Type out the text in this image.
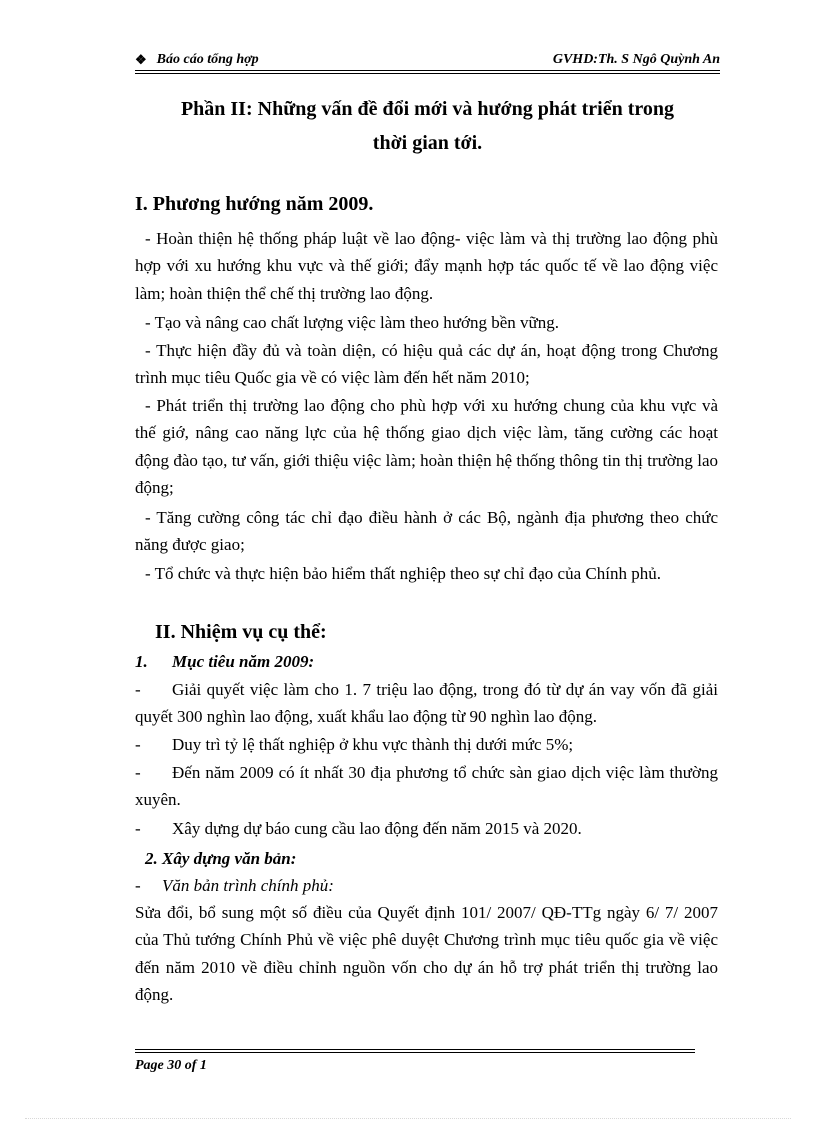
❖ Báo cáo tổng hợp	GVHD:Th. S Ngô Quỳnh An
Phần II: Những vấn đề đổi mới và hướng phát triển trong
thời gian tới.
I. Phương hướng năm 2009.
- Hoàn thiện hệ thống pháp luật về lao động- việc làm và thị trường lao động phù hợp với xu hướng khu vực và thế giới; đẩy mạnh hợp tác quốc tế về lao động việc làm; hoàn thiện thể chế thị trường lao động.
- Tạo và nâng cao chất lượng việc làm theo hướng bền vững.
- Thực hiện đầy đủ và toàn diện, có hiệu quả các dự án, hoạt động trong Chương trình mục tiêu Quốc gia về có việc làm đến hết năm 2010;
- Phát triển thị trường lao động cho phù hợp với xu hướng chung của khu vực và thế giớ, nâng cao năng lực của hệ thống giao dịch việc làm, tăng cường các hoạt động đào tạo, tư vấn, giới thiệu việc làm; hoàn thiện hệ thống thông tin thị trường lao động;
- Tăng cường công tác chỉ đạo điều hành ở các Bộ, ngành địa phương theo chức năng được giao;
- Tổ chức và thực hiện bảo hiểm thất nghiệp theo sự chỉ đạo của Chính phủ.
II. Nhiệm vụ cụ thể:
1. Mục tiêu năm 2009:
- Giải quyết việc làm cho 1. 7 triệu lao động, trong đó từ dự án vay vốn đã giải quyết 300 nghìn lao động, xuất khẩu lao động từ 90 nghìn lao động.
- Duy trì tỷ lệ thất nghiệp ở khu vực thành thị dưới mức 5%;
- Đến năm 2009 có ít nhất 30 địa phương tổ chức sàn giao dịch việc làm thường xuyên.
- Xây dựng dự báo cung cầu lao động đến năm 2015 và 2020.
2. Xây dựng văn bản:
- Văn bản trình chính phủ:
Sửa đổi, bổ sung một số điều của Quyết định 101/ 2007/ QĐ-TTg ngày 6/ 7/ 2007 của Thủ tướng Chính Phủ về việc phê duyệt Chương trình mục tiêu quốc gia về việc đến năm 2010 về điều chỉnh nguồn vốn cho dự án hỗ trợ phát triển thị trường lao động.
Page 30 of 1
